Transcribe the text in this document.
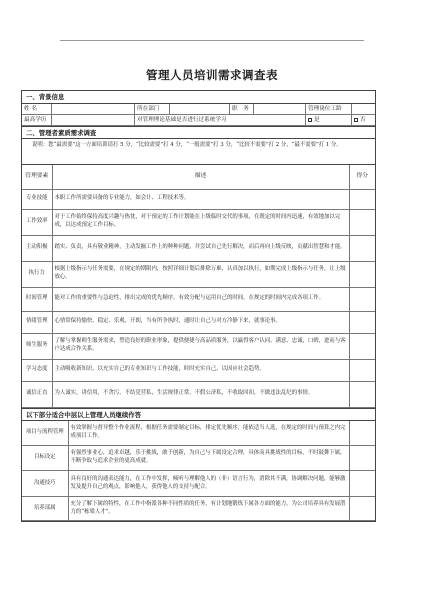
管理人员培训需求调查表
一、背景信息
姓 名	所在部门	职　务	管理岗位工龄
最高学历	对管理理论基础是否进行过系统学习	是	否
二、管理者素质需求调查
说明：您“最需要”这一方面培训请打 5 分，“比较需要”打 4 分，“一般需要”打 3 分，“比较不需要”打 2 分，“最不需要”打 1 分。
管理要素	描述	得分
专业技能	本职工作所需要具备的专业能力，如会计、工程技术等。	
工作效率	对于工作始终保持高度兴趣与热忱，对于预定的工作计划能在上级临时交代的事项，在既定的时间内迅速，有效地加以完成，以达成预定工作目标。	
主动积极	踏实、负责，具有敬业精神，主动发掘工作上的种种问题，并尝试自己先行解决，而后再向上级反映，贡献出智慧和才能。	
执行力	根据上级指示与任务需要，在规定的期限内，按照详细计划后排除万难，认真加以执行，如期完成上级指示与任务，让上级放心。	
时间管理	能对工作的重要性与急迫性，排出完成的优先顺序，有效分配与运用自己的时间，在规定的时间内完成各项工作。	
情绪管理	心情常保持愉快、稳定、乐观、开朗，当有所争执时，通时让自己与对方冷静下来，就事论事。	
师生服务	了解与掌握师生服务需求，塑造良好的职业形象，提供便捷与高品质服务，以赢得客户认同、满意、忠诚，口碑，进而与客户达成合作关系。	
学习态度	主动吸收新知识，以充实自己的专业知识与工作技能，时时充实自己，以因应社会趋势。	
诚信正直	为人诚实，讲信用，不贪污，不结党营私，生活规律正常，不假公济私，不收取回扣，不做违法乱纪的事情。	
以下部分适合中层以上管理人员继续作答
项目与流程管理	有效掌握与督导整个作业流程，根据任务需要制定目标，排定优先顺序，能依适当人选，在规定的时间与预算之内完成项目工作。	
目标设定	有强烈事业心，追求卓越，乐于挑战，敢于创新，为自己与下属设定合理，具体而具挑战性的目标，不时鼓舞下属，不断争取与追求企业的更高成就。	
沟通技巧	具有良好的沟通表达能力，在工作中发挥，倾听与理解他人的（非）语言行为，消除其不满，协调解决问题，能够激发及提升自己的观点，影响他人，获得他人的支持与配合。	
培养部属	充分了解下属的特性，在工作中指派各种不同性质的任务，有计划地锻炼下属各方面的能力，为公司培养具有发展潜力的“栋梁人才”。	
